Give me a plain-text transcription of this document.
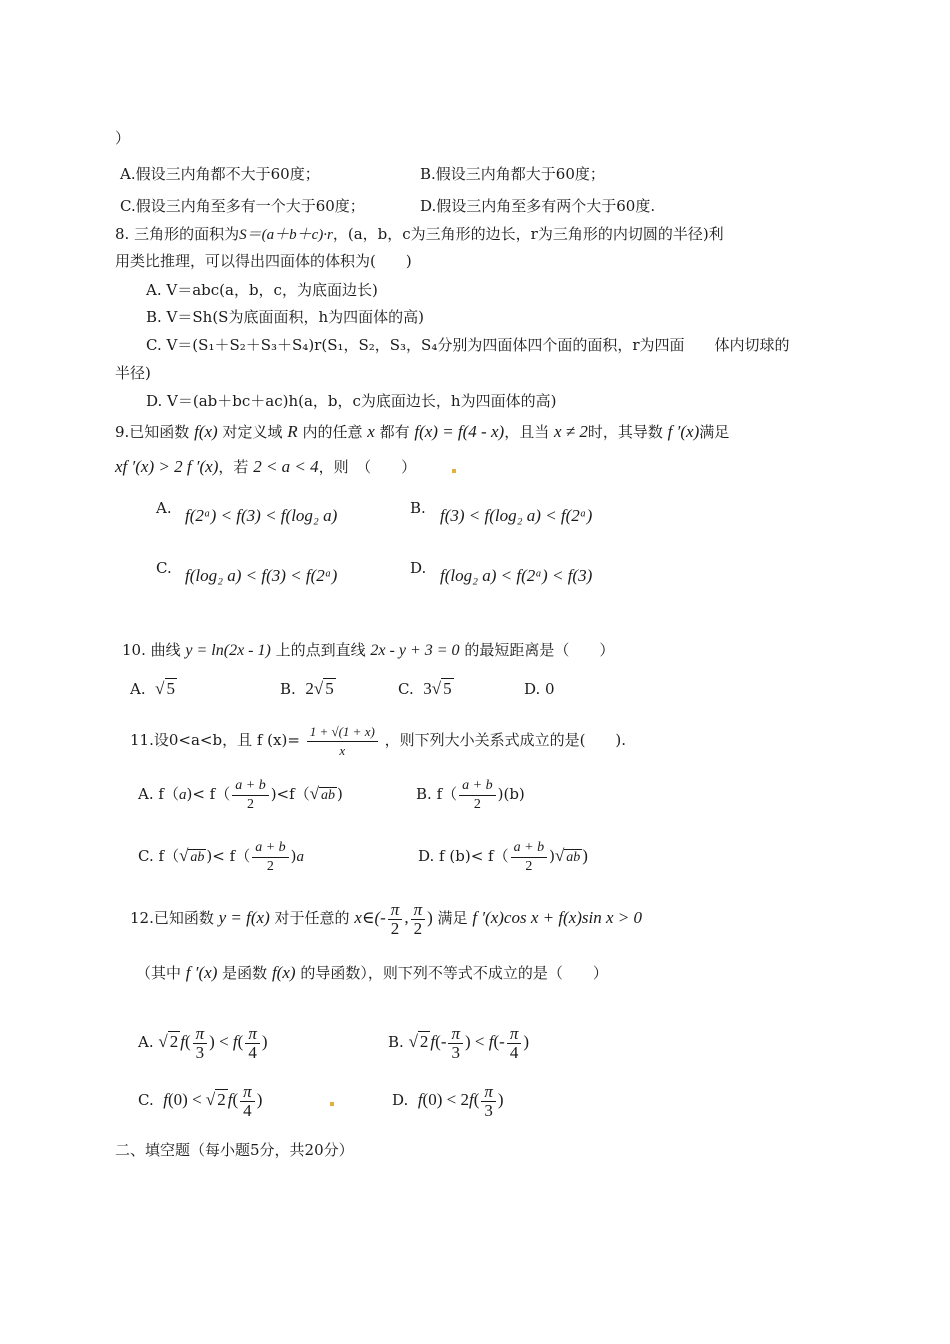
）
A.假设三内角都不大于60度；	B.假设三内角都大于60度；
C.假设三内角至多有一个大于60度；	D.假设三内角至多有两个大于60度.
8. 三角形的面积为S＝(a＋b＋c)·r，(a，b，c为三角形的边长，r为三角形的内切圆的半径)利
用类比推理，可以得出四面体的体积为(　　)
A. V＝abc(a，b，c，为底面边长)
B. V＝Sh(S为底面面积，h为四面体的高)
C. V＝(S₁＋S₂＋S₃＋S₄)r(S₁，S₂，S₃，S₄分别为四面体四个面的面积，r为四面　　体内切球的
半径)
D. V＝(ab＋bc＋ac)h(a，b，c为底面边长，h为四面体的高)
9.已知函数 f(x) 对定义域 R 内的任意 x 都有 f(x) = f(4 - x)，且当 x ≠ 2时，其导数 f ′(x)满足
xf ′(x) > 2 f ′(x)，若 2 < a < 4，则　（　　）
A. f(2ᵃ) < f(3) < f(log₂ a)	B. f(3) < f(log₂ a) < f(2ᵃ)
C. f(log₂ a) < f(3) < f(2ᵃ)	D. f(log₂ a) < f(2ᵃ) < f(3)
10. 曲线 y = ln(2x - 1) 上的点到直线 2x - y + 3 = 0 的最短距离是（　　）
A. √ 5	B. 2√ 5	C. 3√ 5	D. 0
11.设0<a<b，且 f $(x)= \frac{1 + √(1 + x)}{x}$ ，则下列大小关系式成立的是(　　).
A. $f(a)< f( \frac{a + b}{2} )<f(√$ ab )	B. $f( \frac{a + b}{2} )(b)$
C. f（√ ab )< $f( \frac{a + b}{2} )a$	D. f $(b)< f( \frac{a + b}{2}$ )√ ab )
12.已知函数 y = f(x) 对于任意的 x∈(- $\frac{\pi}{2}$ , $\frac{\pi}{2}$ ) 满足 f ′(x)cos x + f(x)sin x > 0
（其中 f ′(x) 是函数 f(x) 的导函数），则下列不等式不成立的是（　　）
A. √ 2 $f( \frac{\pi}{3}$ ) < $f( \frac{\pi}{4}$ )	B. √ 2 $f(- \frac{\pi}{3}$ ) < $f(- \frac{\pi}{4}$ )
C. f(0) < √ 2 $f( \frac{\pi}{4}$ )	D. $f(0) < 2f( \frac{\pi}{3}$ )
二、填空题（每小题5分，共20分）
